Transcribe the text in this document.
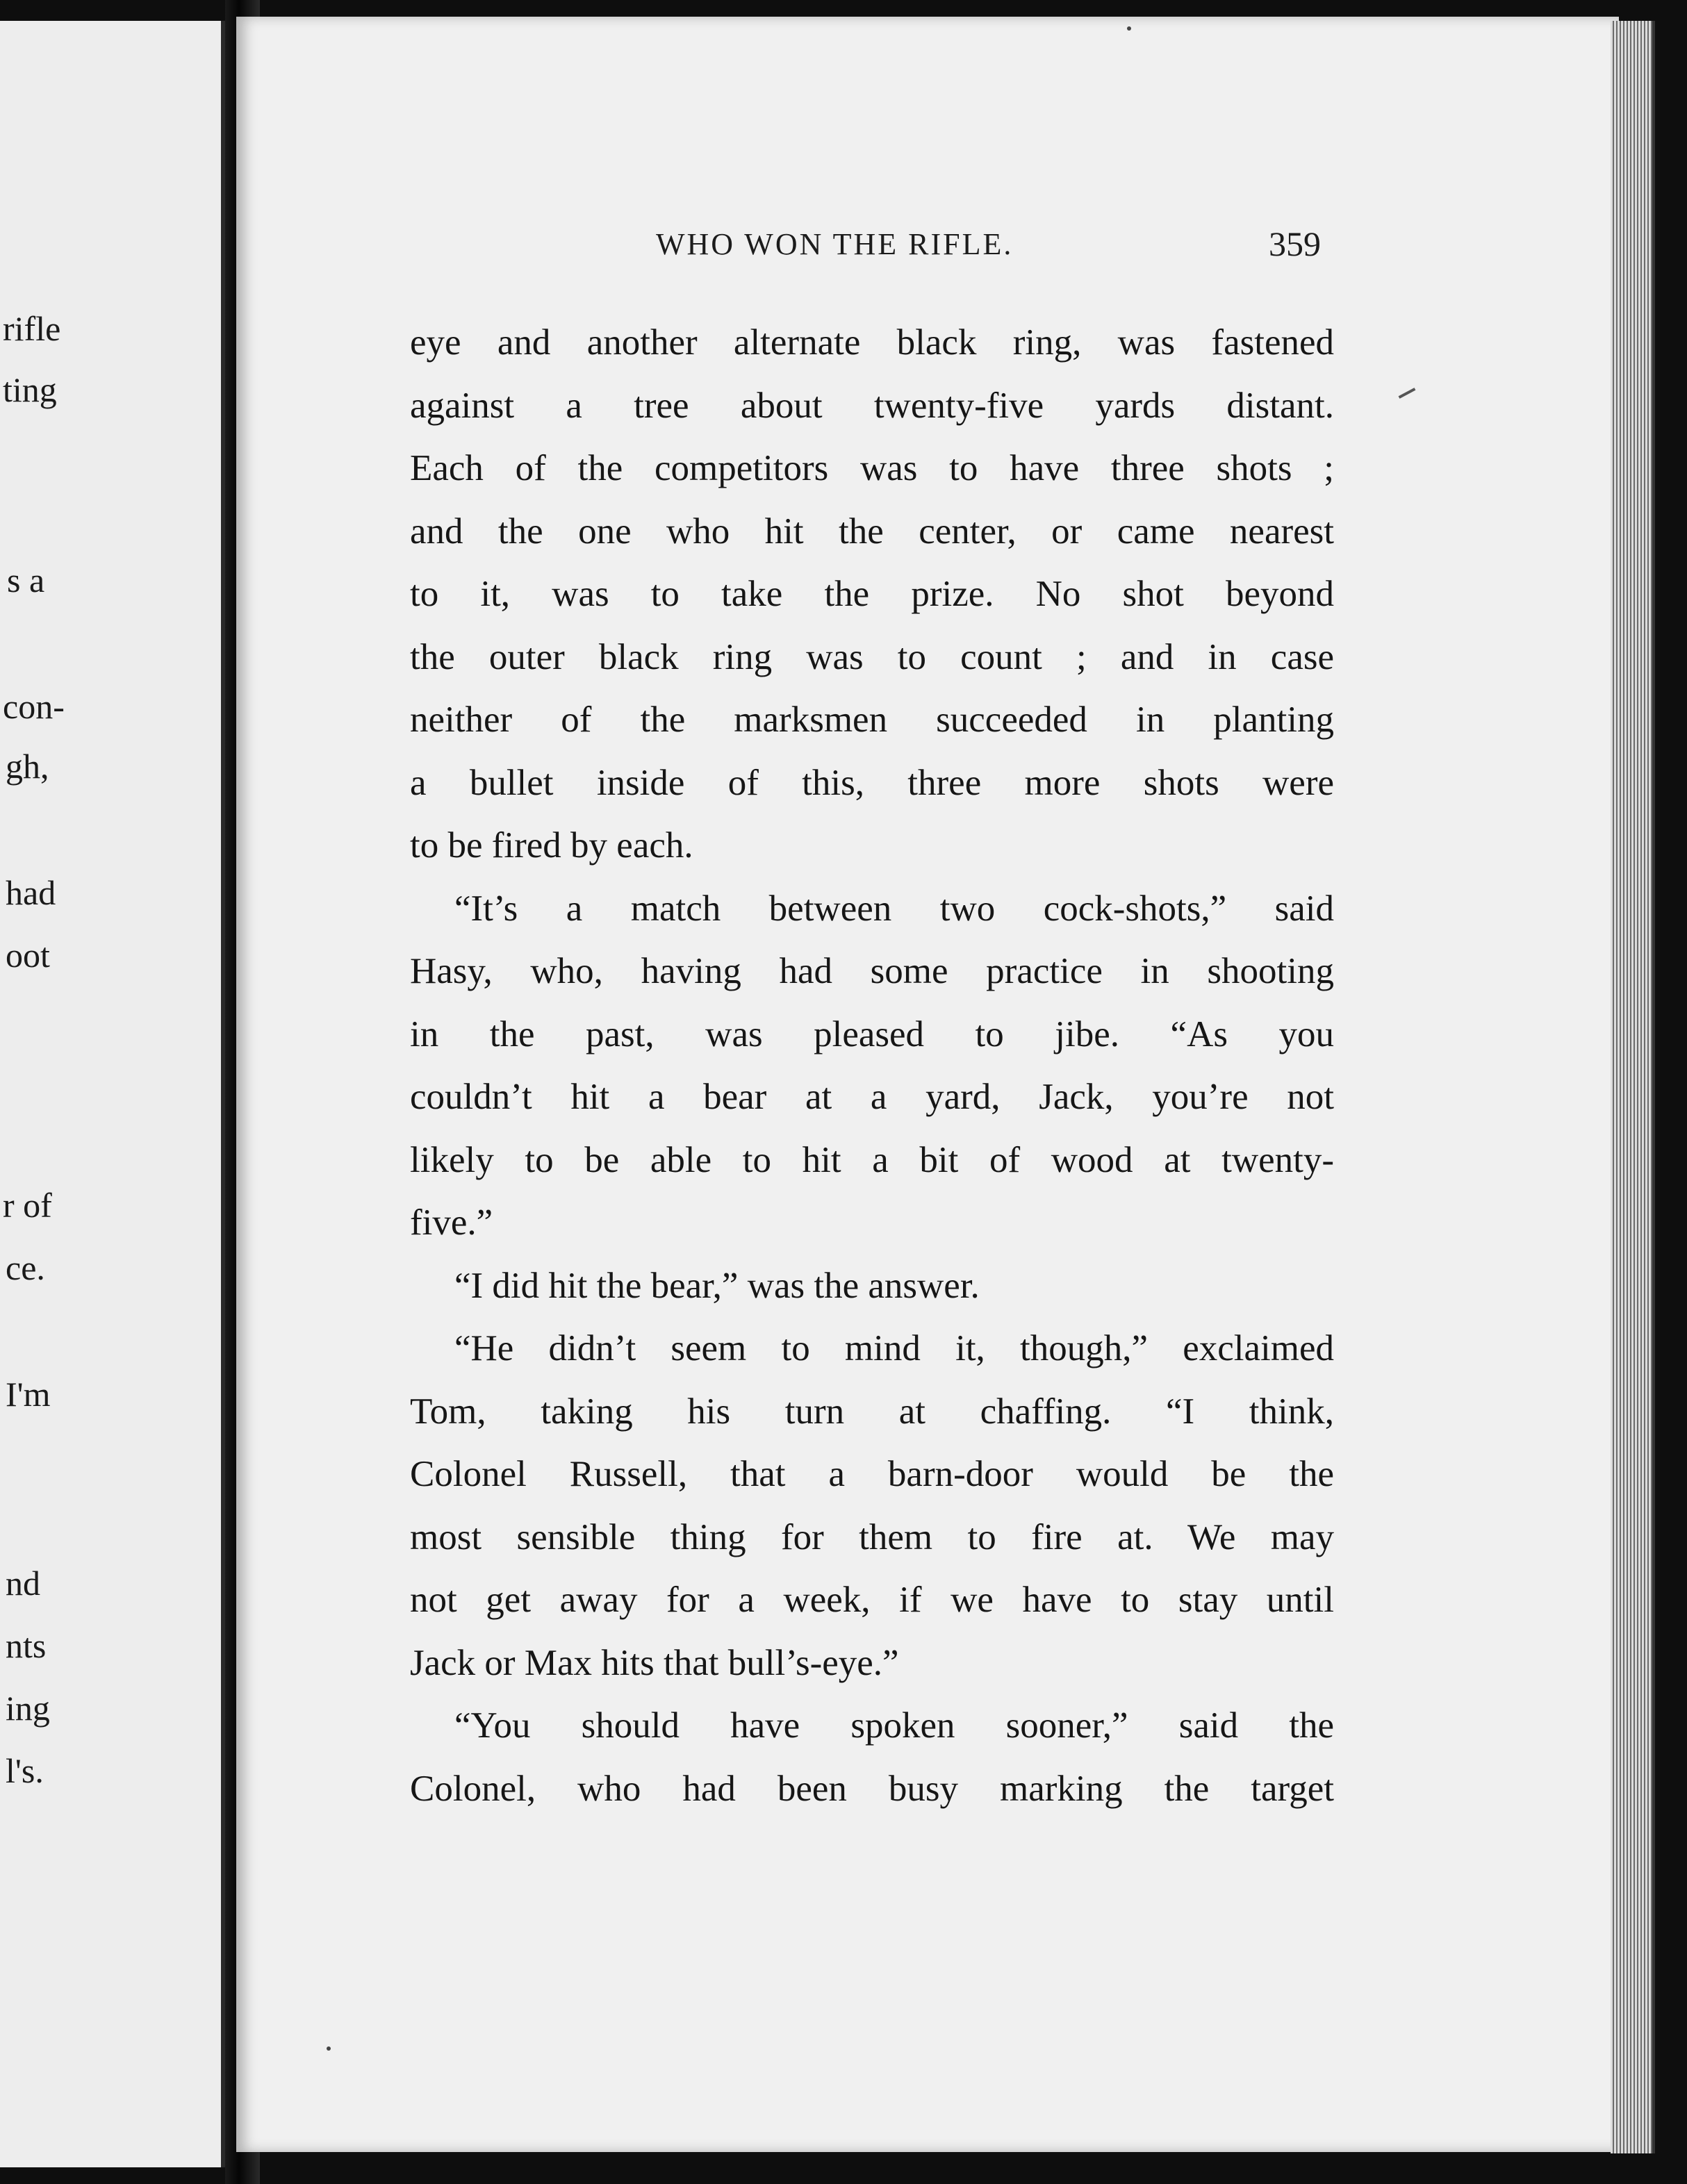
rifle
ting
s a
con-
gh,
had
oot
r of
ce.
I'm
nd
nts
ing
l's.
WHO WON THE RIFLE.	359
eye and another alternate black ring, was fastened
against a tree about twenty-five yards distant.
Each of the competitors was to have three shots ;
and the one who hit the center, or came nearest
to it, was to take the prize. No shot beyond
the outer black ring was to count ; and in case
neither of the marksmen succeeded in planting
a bullet inside of this, three more shots were
to be fired by each.
“It’s a match between two cock-shots,” said
Hasy, who, having had some practice in shooting
in the past, was pleased to jibe. “As you
couldn’t hit a bear at a yard, Jack, you’re not
likely to be able to hit a bit of wood at twenty-
five.”
“I did hit the bear,” was the answer.
“He didn’t seem to mind it, though,” exclaimed
Tom, taking his turn at chaffing. “I think,
Colonel Russell, that a barn-door would be the
most sensible thing for them to fire at. We may
not get away for a week, if we have to stay until
Jack or Max hits that bull’s-eye.”
“You should have spoken sooner,” said the
Colonel, who had been busy marking the target
